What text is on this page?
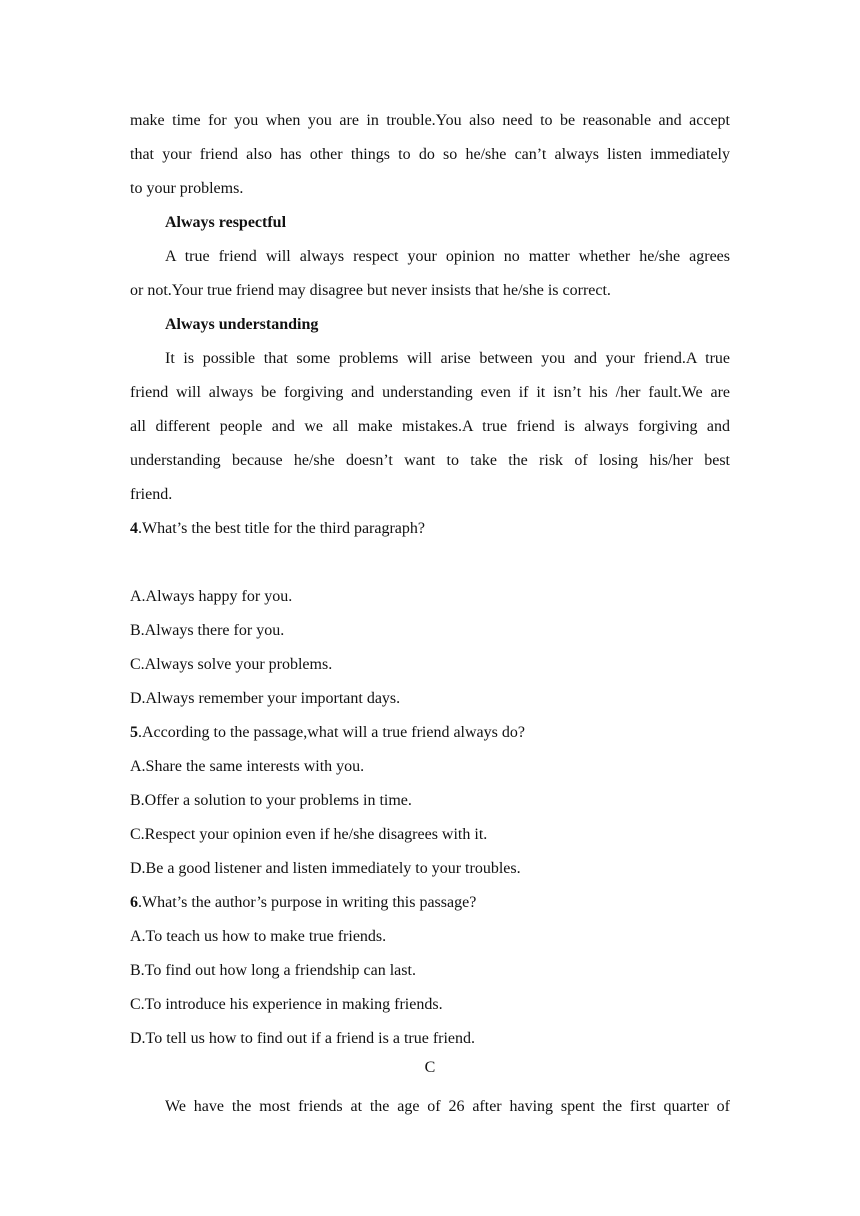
make time for you when you are in trouble.You also need to be reasonable and accept
that your friend also has other things to do so he/she can’t always listen immediately
to your problems.
Always respectful
A true friend will always respect your opinion no matter whether he/she agrees
or not.Your true friend may disagree but never insists that he/she is correct.
Always understanding
It is possible that some problems will arise between you and your friend.A true
friend will always be forgiving and understanding even if it isn’t his /her fault.We are
all different people and we all make mistakes.A true friend is always forgiving and
understanding because he/she doesn’t want to take the risk of losing his/her best
friend.
4.What’s the best title for the third paragraph?
A.Always happy for you.
B.Always there for you.
C.Always solve your problems.
D.Always remember your important days.
5.According to the passage,what will a true friend always do?
A.Share the same interests with you.
B.Offer a solution to your problems in time.
C.Respect your opinion even if he/she disagrees with it.
D.Be a good listener and listen immediately to your troubles.
6.What’s the author’s purpose in writing this passage?
A.To teach us how to make true friends.
B.To find out how long a friendship can last.
C.To introduce his experience in making friends.
D.To tell us how to find out if a friend is a true friend.
C
We have the most friends at the age of 26 after having spent the first quarter of
